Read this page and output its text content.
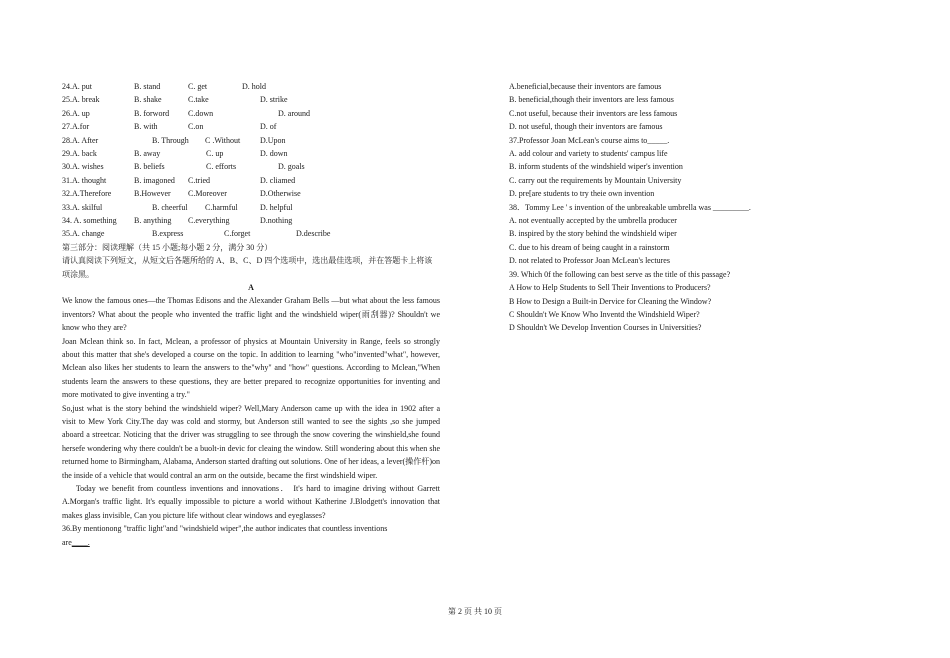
24.A. put	B. stand	C. get	D. hold
25.A. break	B. shake	C.take	D. strike
26.A. up	B. forword C.down	D. around
27.A.for	B. with	C.on	D. of
28.A. After	B. Through C .Without D.Upon
29.A. back	B. away	C. up	D. down
30.A. wishes	B. beliefs	C. efforts	D. goals
31.A. thought	B. imagoned C.tried	D. cliamed
32.A.Therefore	B.However C.Moreover	D.Otherwise
33.A. skilful	B. cheerful C.harmful	D. helpful
34. A. something B. anything C.everything	D.nothing
35.A. change	B.express	C.forget	D.describe
第三部分：阅读理解（共 15 小题;每小题 2 分，满分 30 分）
请认真阅读下列短文，从短文后各题所给的 A、B、C、D 四个选项中，选出最佳选项，并在答题卡上将该项涂黑。
A
We know the famous ones—the Thomas Edisons and the Alexander Graham Bells —but what about the less famous inventors? What about the people who invented the traffic light and the windshield wiper(雨刮器)? Shouldn't we know who they are?
Joan Mclean think so. In fact, Mclean, a professor of physics at Mountain University in Range, feels so strongly about this matter that she's developed a course on the topic. In addition to learning "who"invented"what", however, Mclean also likes her students to learn the answers to the"why" and "how" questions. According to Mclean,"When students learn the answers to these questions, they are better prepared to recognize opportunities for inventing and more motivated to give inventing a try."
So,just what is the story behind the windshield wiper? Well,Mary Anderson came up with the idea in 1902 after a visit to Mew York City.The day was cold and stormy, but Anderson still wanted to see the sights ,so she jumped aboard a streetcar. Noticing that the driver was struggling to see through the snow covering the winshield,she found hersefe wondering why there couldn't be a buolt-in devic for cleaing the window. Still wondering about this when she returned home to Birmingham, Alabama, Anderson started drafting out solutions. One of her ideas, a lever(操作杆)on the inside of a vehicle that would contral an arm on the outside, became the first windshield wiper.
Today we benefit from countless inventions and innovations． It's hard to imagine driving without Garrett A.Morgan's traffic light. It's equally impossible to picture a world without Katherine J.Blodgett's innovation that makes glass invisible, Can you picture life without clear windows and eyeglasses?
36.By mentionong "traffic light"and "windshield wiper",the author indicates that countless inventions
are____.
A.beneficial,because their inventors are famous
B. beneficial,though their inventors are less famous
C.not useful, because their inventors are less famous
D. not useful, though their inventors are famous
37.Professor Joan McLean's course aims to_____.
A. add colour and variety to students' campus life
B. inform students of the windshield wiper's invention
C. carry out the requirements by Mountain University
D. pre[are students to try theie own invention
38．Tommy Lee ' s invention of the unbreakable umbrella was _________.
A. not eventually accepted by the umbrella producer
B. inspired by the story behind the windshield wiper
C. due to his dream of being caught in a rainstorm
D. not related to Professor Joan McLean's lectures
39. Which 0f the following can best serve as the title of this passage?
A How to Help Students to Sell Their Inventions to Producers?
B How to Design a Built-in Dervice for Cleaning the Window?
C Shouldn't We Know Who Inventd the Windshield Wiper?
D Shouldn't We Develop Invention Courses in Universities?
第 2 页 共 10 页
